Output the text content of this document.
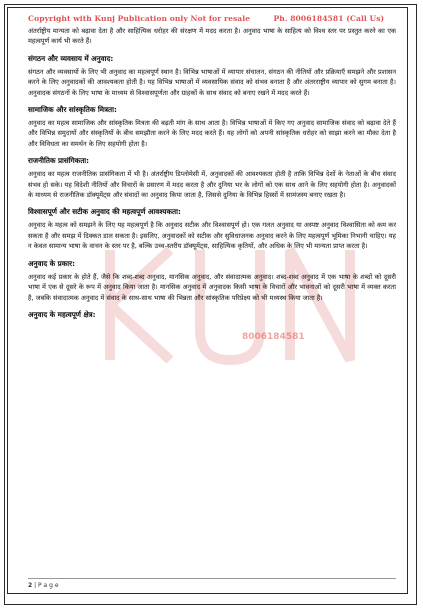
Copyright with Kunj Publication only Not for resale	Ph. 8006184581 (Call Us)
8006184581

अंतर्राष्ट्रीय मान्यता को बढ़ावा देता है और साहित्यिक धरोहर की संरक्षण में मदद करता है। अनुवाद भाषा के साहित्य को विश्व स्तर पर प्रस्तुत करने का एक महत्वपूर्ण कार्य भी करते हैं।

संगठन और व्यवसाय में अनुवाद:

संगठन और व्यवसायों के लिए भी अनुवाद का महत्वपूर्ण स्थान है। विभिन्न भाषाओं में व्यापार संचालन, संगठन की नीतियों और प्रक्रियाएँ समझने और प्रशासन करने के लिए अनुवादकों की आवश्यकता होती है। यह विभिन्न भाषाओं में व्यवसायिक संवाद को संभव बनाता है और अंतरराष्ट्रीय व्यापार को सुगम बनाता है। अनुवादक संगठनों के लिए भाषा के माध्यम से विश्वासपूर्णता और ग्राहकों के साथ संवाद को बनाए रखने में मदद करते हैं।

सामाजिक और सांस्कृतिक मित्रता:

अनुवाद का महत्व सामाजिक और सांस्कृतिक मित्रता की बढ़ती मांग के साथ आता है। विभिन्न भाषाओं में किए गए अनुवाद सामाजिक संवाद को बढ़ावा देते हैं और विभिन्न समुदायों और संस्कृतियों के बीच समझौता करने के लिए मदद करते हैं। यह लोगों को अपनी सांस्कृतिक धरोहर को साझा करने का मौका देता है और विविधता का समर्थन के लिए सहयोगी होता है।

राजनीतिक प्रासंगिकता:

अनुवाद का महत्व राजनीतिक प्रासंगिकता में भी है। अंतर्राष्ट्रीय डिप्लोमेसी में, अनुवादकों की आवश्यकता होती है ताकि विभिन्न देशों के नेताओं के बीच संवाद संभव हो सके। यह विदेशी नीतियों और विचारों के प्रसारण में मदद करता है और दुनिया भर के लोगों को एक साथ आने के लिए सहयोगी होता है। अनुवादकों के माध्यम से राजनीतिक डॉक्यूमेंट्स और संवादों का अनुवाद किया जाता है, जिससे दुनिया के विभिन्न हिस्सों में सामंजस्य बनाए रखता है।

विश्वासपूर्ण और सटीक अनुवाद की महत्वपूर्ण आवश्यकता:

अनुवाद के महत्व को समझने के लिए यह महत्वपूर्ण है कि अनुवाद सटीक और विश्वासपूर्ण हो। एक गलत अनुवाद या अस्पष्ट अनुवाद विश्वासिता को कम कर सकता है और समझ में दिक्कत डाल सकता है। इसलिए, अनुवादकों को सटीक और सुविधाजनक अनुवाद करने के लिए महत्वपूर्ण भूमिका निभानी चाहिए। यह न केवल सामान्य भाषा के वाचन के स्तर पर है, बल्कि उच्च-स्तरीय डॉक्यूमेंट्स, साहित्यिक कृतियों, और अधिक के लिए भी मान्यता प्राप्त करता है।

अनुवाद के प्रकार:

अनुवाद कई प्रकार के होते हैं, जैसे कि शब्द-शब्द अनुवाद, मानसिक अनुवाद, और संवादात्मक अनुवाद। शब्द-शब्द अनुवाद में एक भाषा के शब्दों को दूसरी भाषा में एक से दूसरे के रूप में अनुवाद किया जाता है। मानसिक अनुवाद में अनुवादक किसी भाषा के विचारों और भावनाओं को दूसरी भाषा में व्यक्त करता है, जबकि संवादात्मक अनुवाद में संवाद के साथ-साथ भाषा की भिन्नता और सांस्कृतिक परिप्रेक्ष्य को भी मध्यस्थ किया जाता है।

अनुवाद के महत्वपूर्ण क्षेत्र:
2 | P a g e
